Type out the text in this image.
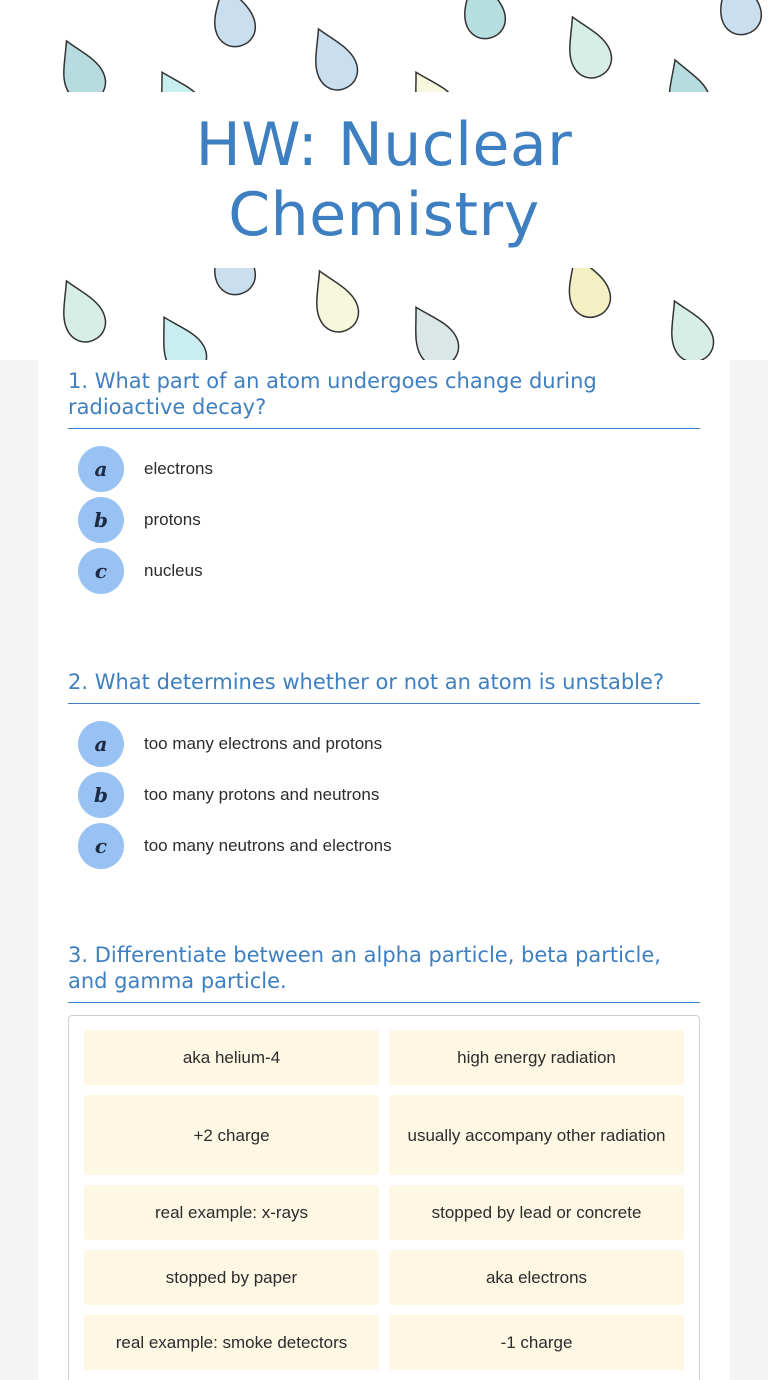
HW: Nuclear
Chemistry
1. What part of an atom undergoes change during radioactive decay?
a	electrons
b	protons
c	nucleus
2. What determines whether or not an atom is unstable?
a	too many electrons and protons
b	too many protons and neutrons
c	too many neutrons and electrons
3. Differentiate between an alpha particle, beta particle, and gamma particle.
aka helium-4	high energy radiation
+2 charge	usually accompany other radiation
real example: x-rays	stopped by lead or concrete
stopped by paper	aka electrons
real example: smoke detectors	-1 charge
